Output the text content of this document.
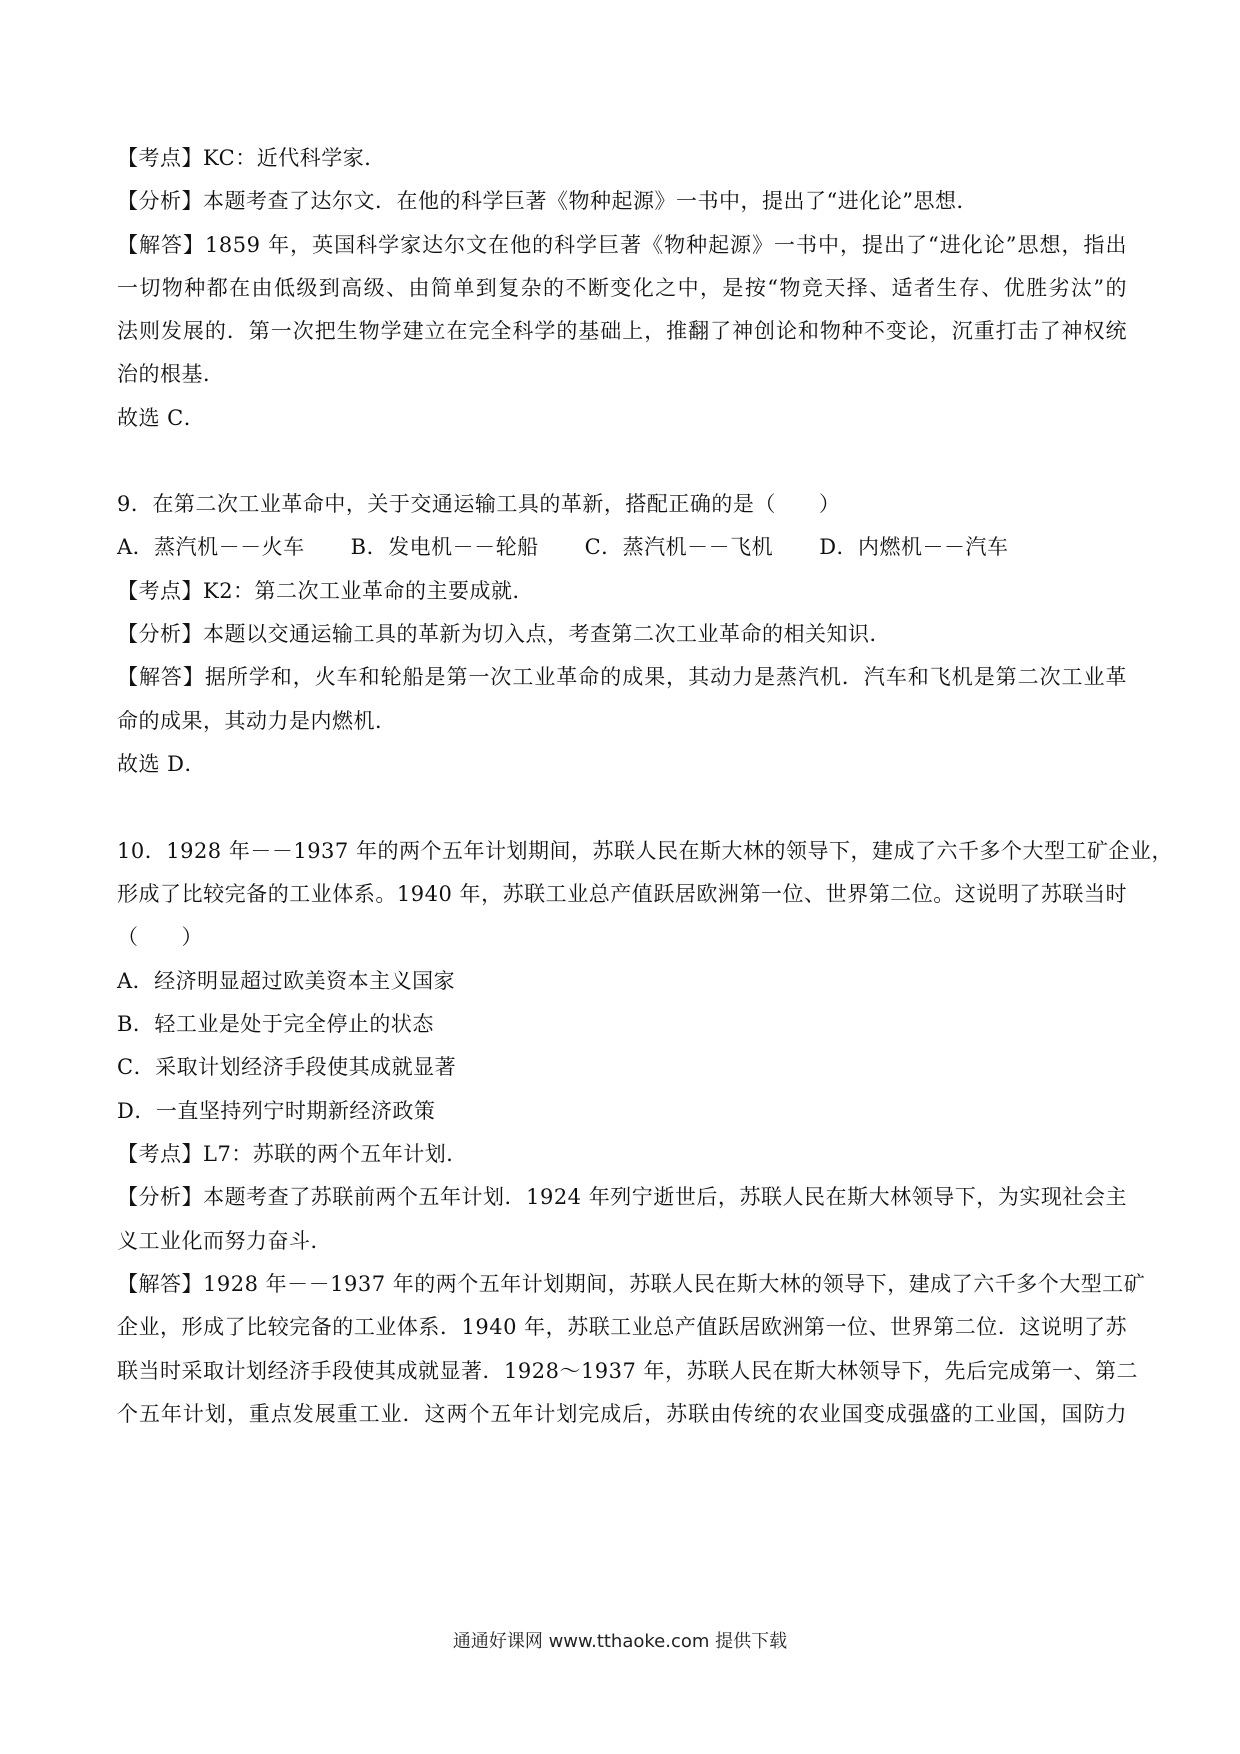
【考点】KC：近代科学家．
【分析】本题考查了达尔文．在他的科学巨著《物种起源》一书中，提出了“进化论”思想．
【解答】1859 年，英国科学家达尔文在他的科学巨著《物种起源》一书中，提出了“进化论”思想，指出
一切物种都在由低级到高级、由简单到复杂的不断变化之中，是按“物竞天择、适者生存、优胜劣汰”的
法则发展的．第一次把生物学建立在完全科学的基础上，推翻了神创论和物种不变论，沉重打击了神权统
治的根基．
故选 C．
9．在第二次工业革命中，关于交通运输工具的革新，搭配正确的是（　　）
A．蒸汽机－－火车 B．发电机－－轮船 C．蒸汽机－－飞机 D．内燃机－－汽车
【考点】K2：第二次工业革命的主要成就．
【分析】本题以交通运输工具的革新为切入点，考查第二次工业革命的相关知识．
【解答】据所学和，火车和轮船是第一次工业革命的成果，其动力是蒸汽机．汽车和飞机是第二次工业革
命的成果，其动力是内燃机．
故选 D．
10．1928 年－－1937 年的两个五年计划期间，苏联人民在斯大林的领导下，建成了六千多个大型工矿企业，
形成了比较完备的工业体系。1940 年，苏联工业总产值跃居欧洲第一位、世界第二位。这说明了苏联当时
（　　）
A．经济明显超过欧美资本主义国家
B．轻工业是处于完全停止的状态
C．采取计划经济手段使其成就显著
D．一直坚持列宁时期新经济政策
【考点】L7：苏联的两个五年计划．
【分析】本题考查了苏联前两个五年计划．1924 年列宁逝世后，苏联人民在斯大林领导下，为实现社会主
义工业化而努力奋斗．
【解答】1928 年－－1937 年的两个五年计划期间，苏联人民在斯大林的领导下，建成了六千多个大型工矿
企业，形成了比较完备的工业体系．1940 年，苏联工业总产值跃居欧洲第一位、世界第二位．这说明了苏
联当时采取计划经济手段使其成就显著．1928～1937 年，苏联人民在斯大林领导下，先后完成第一、第二
个五年计划，重点发展重工业．这两个五年计划完成后，苏联由传统的农业国变成强盛的工业国，国防力
通通好课网 www.tthaoke.com 提供下载
